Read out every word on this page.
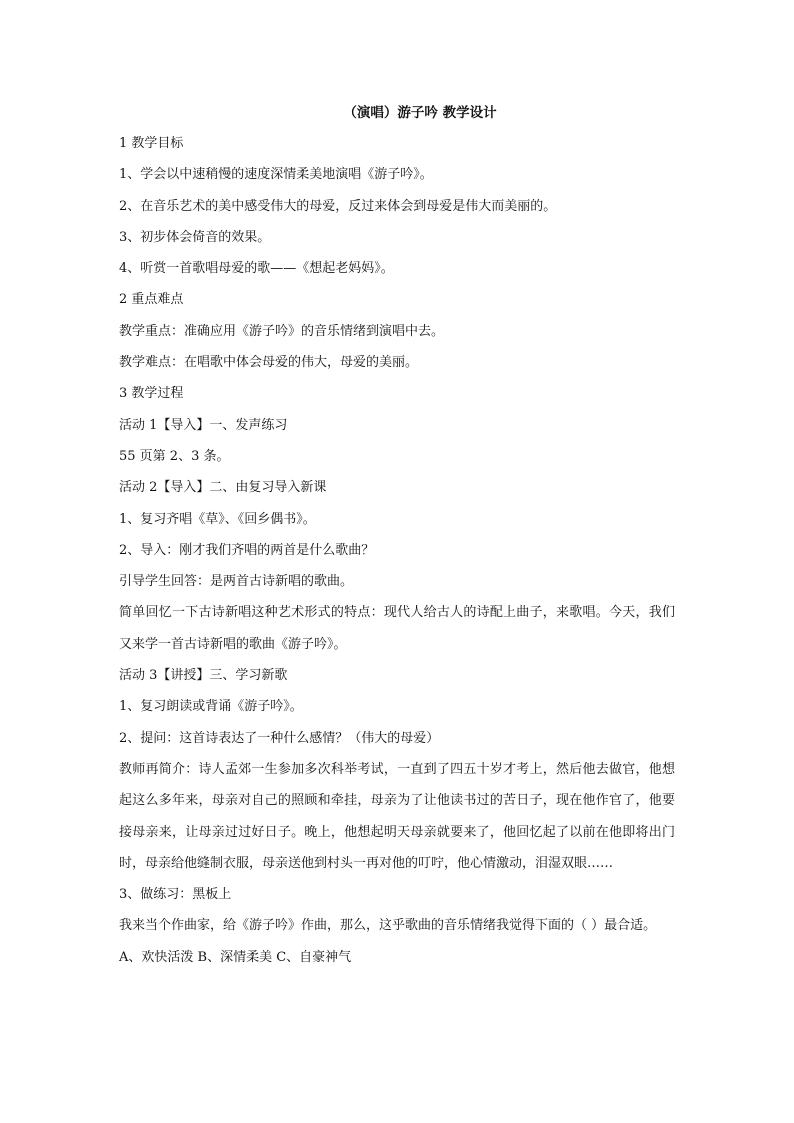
（演唱）游子吟 教学设计
1 教学目标
1、学会以中速稍慢的速度深情柔美地演唱《游子吟》。
2、在音乐艺术的美中感受伟大的母爱，反过来体会到母爱是伟大而美丽的。
3、初步体会倚音的效果。
4、听赏一首歌唱母爱的歌——《想起老妈妈》。
2 重点难点
教学重点：准确应用《游子吟》的音乐情绪到演唱中去。
教学难点：在唱歌中体会母爱的伟大，母爱的美丽。
3 教学过程
活动 1【导入】一、发声练习
55 页第 2、3 条。
活动 2【导入】二、由复习导入新课
1、复习齐唱《草》、《回乡偶书》。
2、导入：刚才我们齐唱的两首是什么歌曲？
引导学生回答：是两首古诗新唱的歌曲。
简单回忆一下古诗新唱这种艺术形式的特点：现代人给古人的诗配上曲子，来歌唱。今天，我们又来学一首古诗新唱的歌曲《游子吟》。
活动 3【讲授】三、学习新歌
1、复习朗读或背诵《游子吟》。
2、提问：这首诗表达了一种什么感情？（伟大的母爱）
教师再简介：诗人孟郊一生参加多次科举考试，一直到了四五十岁才考上，然后他去做官，他想起这么多年来，母亲对自己的照顾和牵挂，母亲为了让他读书过的苦日子，现在他作官了，他要接母亲来，让母亲过过好日子。晚上，他想起明天母亲就要来了，他回忆起了以前在他即将出门时，母亲给他缝制衣服，母亲送他到村头一再对他的叮咛，他心情激动，泪湿双眼……
3、做练习：黑板上
我来当个作曲家，给《游子吟》作曲，那么，这乎歌曲的音乐情绪我觉得下面的（ ）最合适。
A、欢快活泼 B、深情柔美 C、自豪神气
